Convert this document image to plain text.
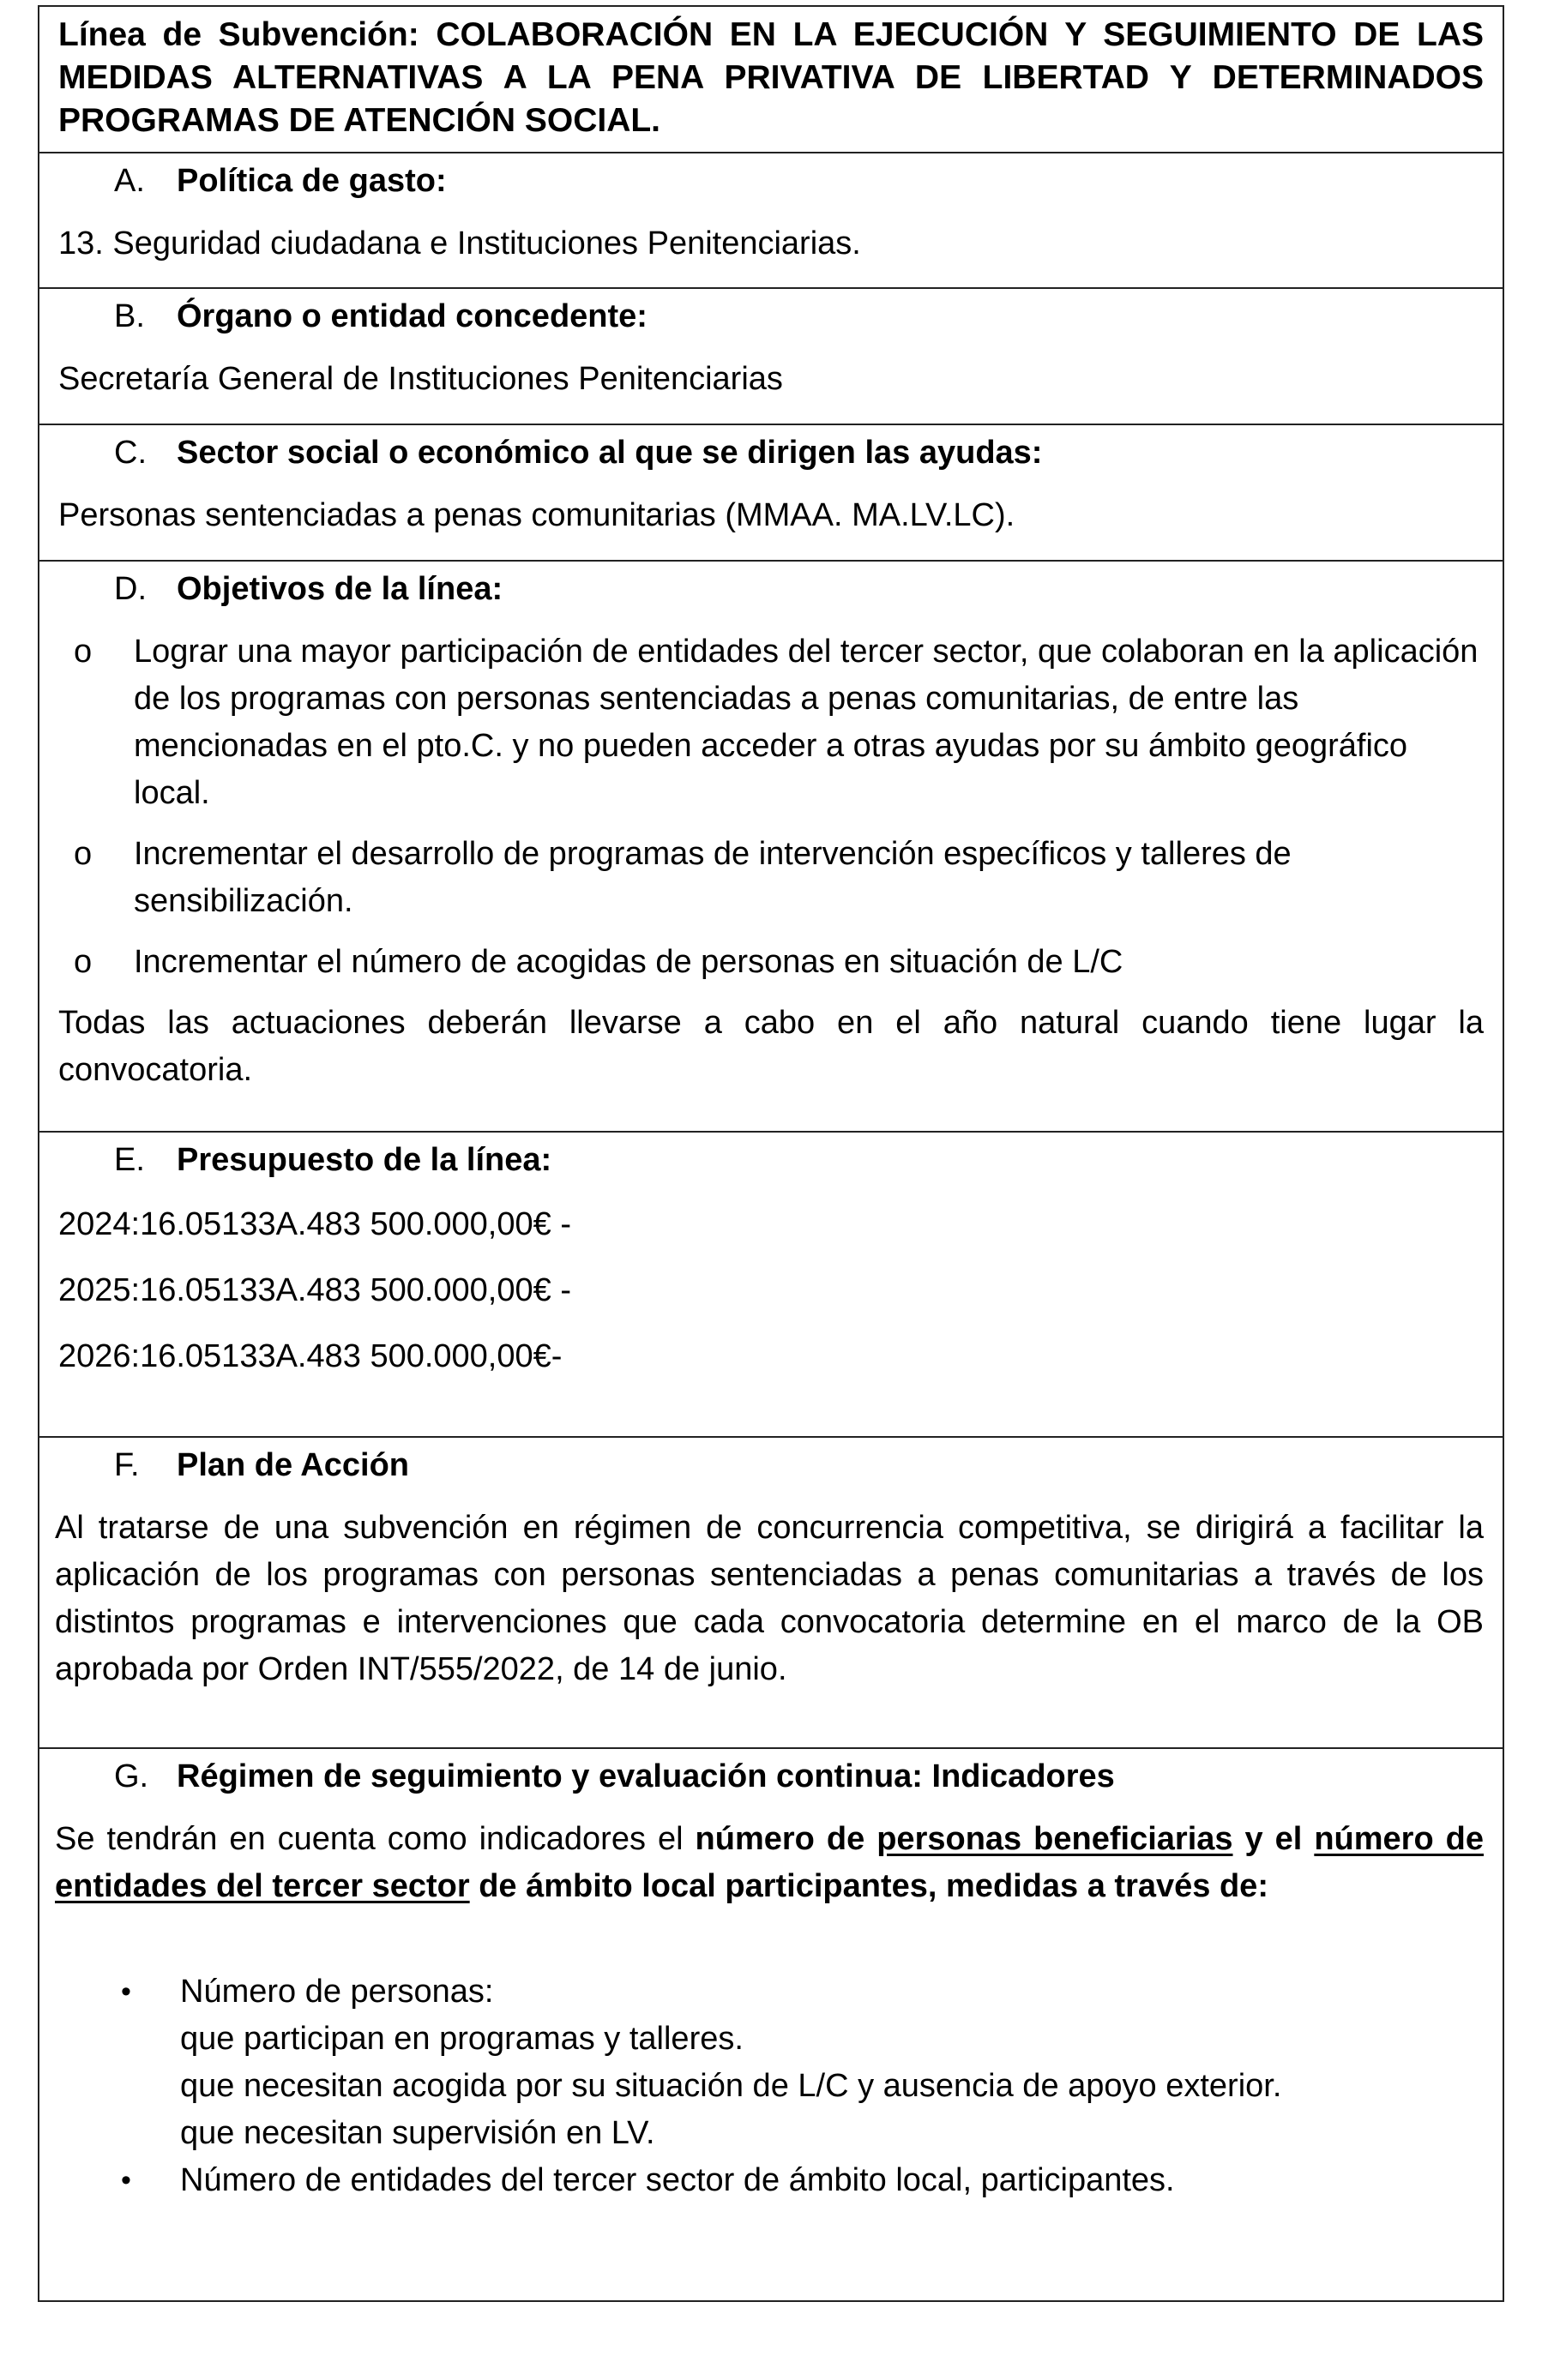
Línea de Subvención: COLABORACIÓN EN LA EJECUCIÓN Y SEGUIMIENTO DE LAS MEDIDAS ALTERNATIVAS A LA PENA PRIVATIVA DE LIBERTAD Y DETERMINADOS PROGRAMAS DE ATENCIÓN SOCIAL.
A. Política de gasto:
13. Seguridad ciudadana e Instituciones Penitenciarias.
B. Órgano o entidad concedente:
Secretaría General de Instituciones Penitenciarias
C. Sector social o económico al que se dirigen las ayudas:
Personas sentenciadas a penas comunitarias (MMAA. MA.LV.LC).
D. Objetivos de la línea:
o Lograr una mayor participación de entidades del tercer sector, que colaboran en la aplicación de los programas con personas sentenciadas a penas comunitarias, de entre las mencionadas en el pto.C. y no pueden acceder a otras ayudas por su ámbito geográfico local.
o Incrementar el desarrollo de programas de intervención específicos y talleres de sensibilización.
o Incrementar el número de acogidas de personas en situación de L/C
Todas las actuaciones deberán llevarse a cabo en el año natural cuando tiene lugar la convocatoria.
E. Presupuesto de la línea:
2024:16.05133A.483 500.000,00€ -
2025:16.05133A.483 500.000,00€ -
2026:16.05133A.483 500.000,00€-
F.	Plan de Acción
Al tratarse de una subvención en régimen de concurrencia competitiva, se dirigirá a facilitar la aplicación de los programas con personas sentenciadas a penas comunitarias a través de los distintos programas e intervenciones que cada convocatoria determine en el marco de la OB aprobada por Orden INT/555/2022, de 14 de junio.
G. Régimen de seguimiento y evaluación continua: Indicadores
Se tendrán en cuenta como indicadores el número de personas beneficiarias y el número de entidades del tercer sector de ámbito local participantes, medidas a través de:
• Número de personas:
que participan en programas y talleres.
que necesitan acogida por su situación de L/C y ausencia de apoyo exterior.
que necesitan supervisión en LV.
• Número de entidades del tercer sector de ámbito local, participantes.
